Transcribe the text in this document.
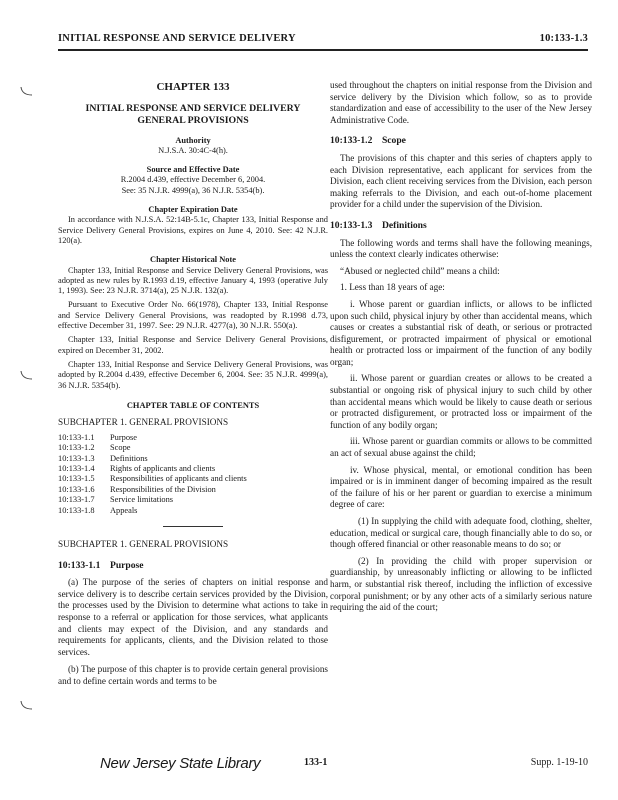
INITIAL RESPONSE AND SERVICE DELIVERY	10:133-1.3

CHAPTER 133

INITIAL RESPONSE AND SERVICE DELIVERY

GENERAL PROVISIONS

Authority

N.J.S.A. 30:4C-4(h).

Source and Effective Date

R.2004 d.439, effective December 6, 2004.

See: 35 N.J.R. 4999(a), 36 N.J.R. 5354(b).

Chapter Expiration Date

In accordance with N.J.S.A. 52:14B-5.1c, Chapter 133, Initial Response and Service Delivery General Provisions, expires on June 4, 2010. See: 42 N.J.R. 120(a).

Chapter Historical Note

Chapter 133, Initial Response and Service Delivery General Provisions, was adopted as new rules by R.1993 d.19, effective January 4, 1993 (operative July 1, 1993). See: 23 N.J.R. 3714(a), 25 N.J.R. 132(a).

Pursuant to Executive Order No. 66(1978), Chapter 133, Initial Response and Service Delivery General Provisions, was readopted by R.1998 d.73, effective December 31, 1997. See: 29 N.J.R. 4277(a), 30 N.J.R. 550(a).

Chapter 133, Initial Response and Service Delivery General Provisions, expired on December 31, 2002.

Chapter 133, Initial Response and Service Delivery General Provisions, was adopted by R.2004 d.439, effective December 6, 2004. See: 35 N.J.R. 4999(a), 36 N.J.R. 5354(b).

CHAPTER TABLE OF CONTENTS

SUBCHAPTER 1. GENERAL PROVISIONS

10:133-1.1	Purpose
10:133-1.2	Scope
10:133-1.3	Definitions
10:133-1.4	Rights of applicants and clients
10:133-1.5	Responsibilities of applicants and clients
10:133-1.6	Responsibilities of the Division
10:133-1.7	Service limitations
10:133-1.8	Appeals

SUBCHAPTER 1. GENERAL PROVISIONS

10:133-1.1    Purpose

(a) The purpose of the series of chapters on initial response and service delivery is to describe certain services provided by the Division, the processes used by the Division to determine what actions to take in response to a referral or application for those services, what applicants and clients may expect of the Division, and any standards and requirements for applicants, clients, and the Division related to those services.

(b) The purpose of this chapter is to provide certain general provisions and to define certain words and terms to be

used throughout the chapters on initial response from the Division and service delivery by the Division which follow, so as to provide standardization and ease of accessibility to the user of the New Jersey Administrative Code.

10:133-1.2    Scope

The provisions of this chapter and this series of chapters apply to each Division representative, each applicant for services from the Division, each client receiving services from the Division, each person making referrals to the Division, and each out-of-home placement provider for a child under the supervision of the Division.

10:133-1.3    Definitions

The following words and terms shall have the following meanings, unless the context clearly indicates otherwise:

“Abused or neglected child” means a child:

1. Less than 18 years of age:

i. Whose parent or guardian inflicts, or allows to be inflicted upon such child, physical injury by other than accidental means, which causes or creates a substantial risk of death, or serious or protracted disfigurement, or protracted impairment of physical or emotional health or protracted loss or impairment of the function of any bodily organ;

ii. Whose parent or guardian creates or allows to be created a substantial or ongoing risk of physical injury to such child by other than accidental means which would be likely to cause death or serious or protracted disfigurement, or protracted loss or impairment of the function of any bodily organ;

iii. Whose parent or guardian commits or allows to be committed an act of sexual abuse against the child;

iv. Whose physical, mental, or emotional condition has been impaired or is in imminent danger of becoming impaired as the result of the failure of his or her parent or guardian to exercise a minimum degree of care:

(1) In supplying the child with adequate food, clothing, shelter, education, medical or surgical care, though financially able to do so, or though offered financial or other reasonable means to do so; or

(2) In providing the child with proper supervision or guardianship, by unreasonably inflicting or allowing to be inflicted harm, or substantial risk thereof, including the infliction of excessive corporal punishment; or by any other acts of a similarly serious nature requiring the aid of the court;

New Jersey State Library	133-1	Supp. 1-19-10
